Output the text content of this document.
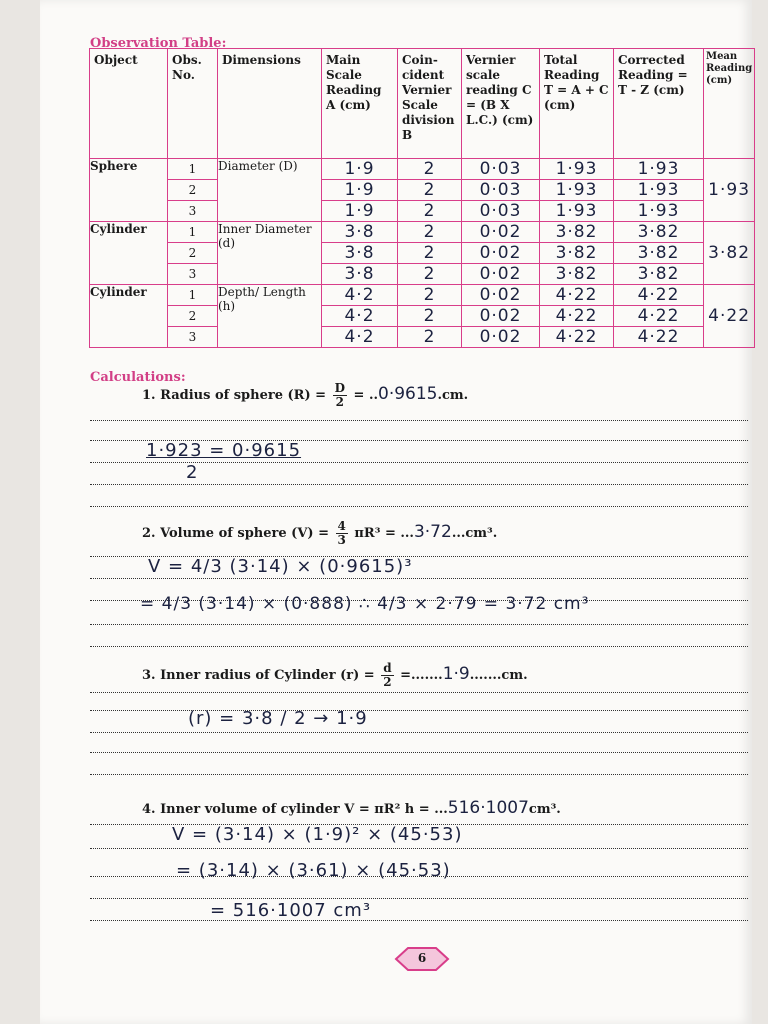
Observation Table:
Object	Obs. No.	Dimensions	Main Scale Reading A (cm)	Coin-cident Vernier Scale division B	Vernier scale reading C = (B X L.C.) (cm)	Total Reading T = A + C (cm)	Corrected Reading = T - Z (cm)	Mean Reading (cm)
Sphere	1	Diameter (D)	1·9	2	0·03	1·93	1·93	1·93
	2		1·9	2	0·03	1·93	1·93	
	3		1·9	2	0·03	1·93	1·93	
Cylinder	1	Inner Diameter (d)	3·8	2	0·02	3·82	3·82	3·82
	2		3·8	2	0·02	3·82	3·82	
	3		3·8	2	0·02	3·82	3·82	
Cylinder	1	Depth/ Length (h)	4·2	2	0·02	4·22	4·22	4·22
	2		4·2	2	0·02	4·22	4·22	
	3		4·2	2	0·02	4·22	4·22	
Calculations:
1. Radius of sphere $(R) = \frac{D}{2} = ..0\cdot 9615.cm$.
1·923 = 0·9615
2
2. Volume of sphere $(V) = \frac{4}{3} \pi R^3 = ...3\cdot 72...cm^3$.
V = 4/3 (3·14) × (0·9615)³
= 4/3 (3·14) × (0·888) ∴ 4/3 × 2·79 = 3·72 cm³
3. Inner radius of Cylinder $(r) = \frac{d}{2} =.......1\cdot 9.......cm$.
(r) = 3·8 / 2 → 1·9
4. Inner volume of cylinder V = πR² h = ...516·1007cm³.
V = (3·14) × (1·9)² × (45·53)
= (3·14) × (3·61) × (45·53)
= 516·1007 cm³
6
